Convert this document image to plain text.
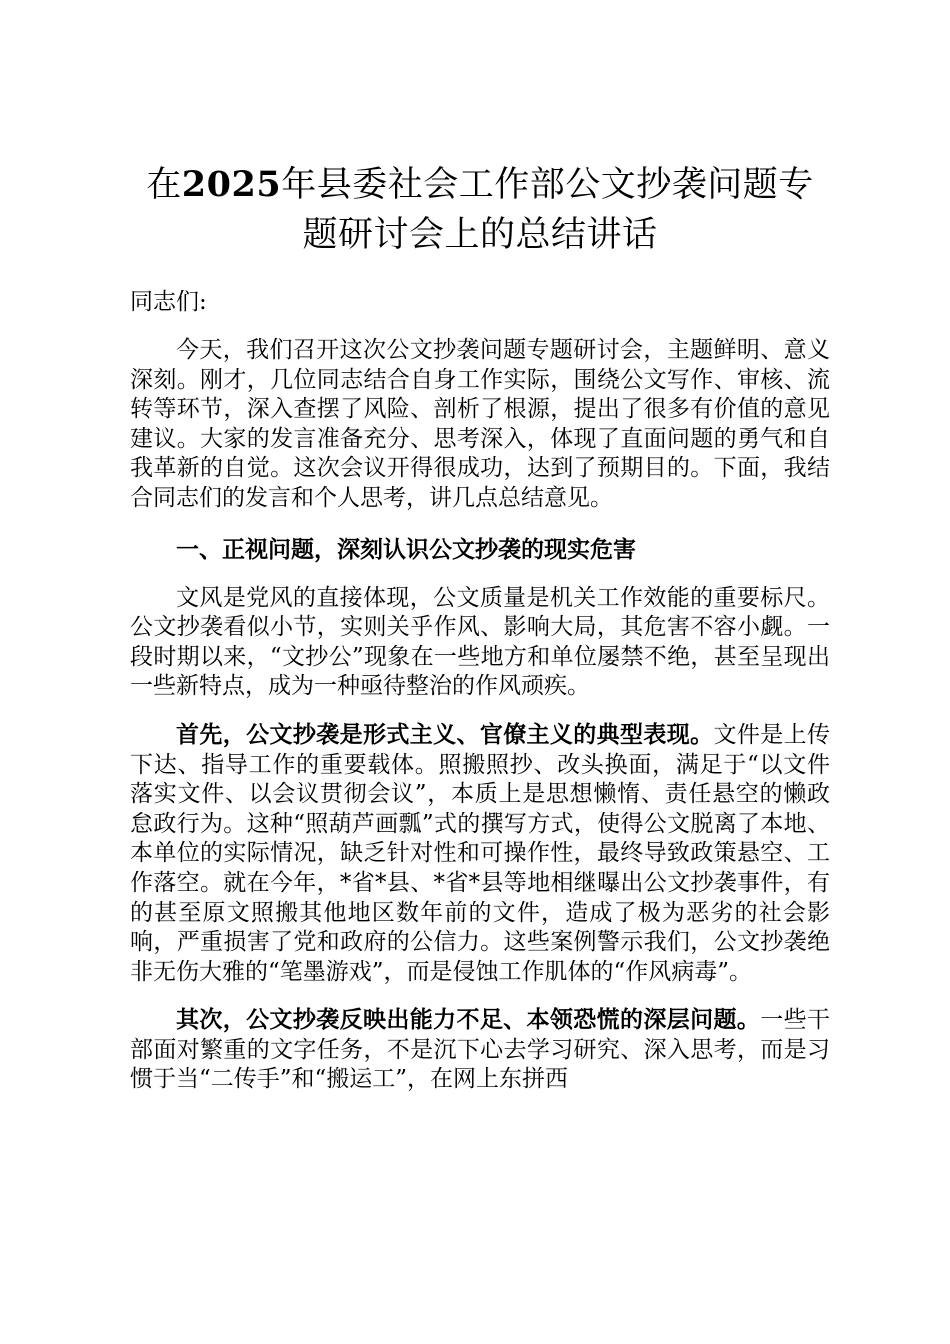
在2025年县委社会工作部公文抄袭问题专题研讨会上的总结讲话

同志们:

今天，我们召开这次公文抄袭问题专题研讨会，主题鲜明、意义深刻。刚才，几位同志结合自身工作实际，围绕公文写作、审核、流转等环节，深入查摆了风险、剖析了根源，提出了很多有价值的意见建议。大家的发言准备充分、思考深入，体现了直面问题的勇气和自我革新的自觉。这次会议开得很成功，达到了预期目的。下面，我结合同志们的发言和个人思考，讲几点总结意见。

一、正视问题，深刻认识公文抄袭的现实危害

文风是党风的直接体现，公文质量是机关工作效能的重要标尺。公文抄袭看似小节，实则关乎作风、影响大局，其危害不容小觑。一段时期以来，“文抄公”现象在一些地方和单位屡禁不绝，甚至呈现出一些新特点，成为一种亟待整治的作风顽疾。

首先，公文抄袭是形式主义、官僚主义的典型表现。文件是上传下达、指导工作的重要载体。照搬照抄、改头换面，满足于“以文件落实文件、以会议贯彻会议”，本质上是思想懒惰、责任悬空的懒政怠政行为。这种“照葫芦画瓢”式的撰写方式，使得公文脱离了本地、本单位的实际情况，缺乏针对性和可操作性，最终导致政策悬空、工作落空。就在今年，*省*县、*省*县等地相继曝出公文抄袭事件，有的甚至原文照搬其他地区数年前的文件，造成了极为恶劣的社会影响，严重损害了党和政府的公信力。这些案例警示我们，公文抄袭绝非无伤大雅的“笔墨游戏”，而是侵蚀工作肌体的“作风病毒”。

其次，公文抄袭反映出能力不足、本领恐慌的深层问题。一些干部面对繁重的文字任务，不是沉下心去学习研究、深入思考，而是习惯于当“二传手”和“搬运工”，在网上东拼西
